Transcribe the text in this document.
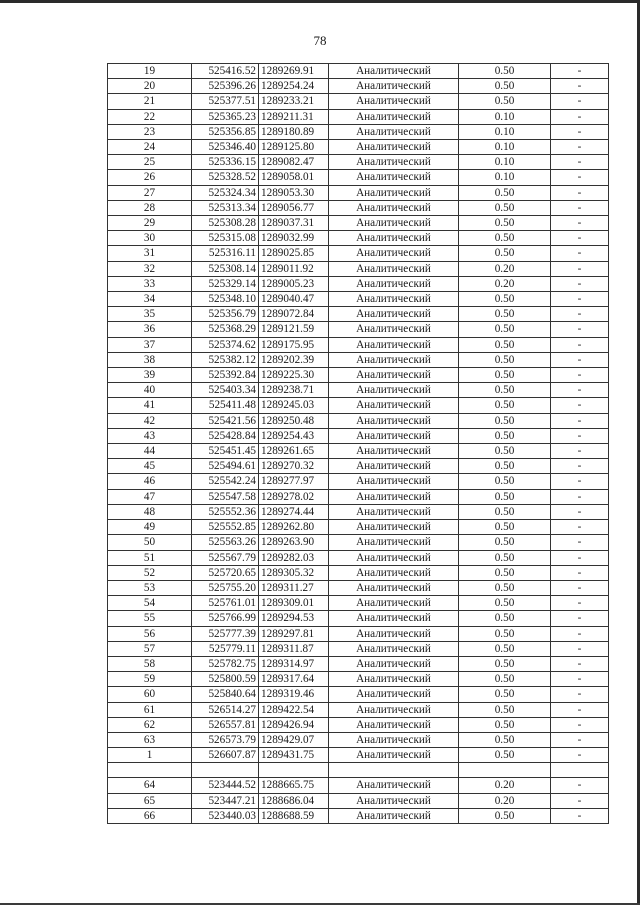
78
19	525416.52	1289269.91	Аналитический	0.50	-
20	525396.26	1289254.24	Аналитический	0.50	-
21	525377.51	1289233.21	Аналитический	0.50	-
22	525365.23	1289211.31	Аналитический	0.10	-
23	525356.85	1289180.89	Аналитический	0.10	-
24	525346.40	1289125.80	Аналитический	0.10	-
25	525336.15	1289082.47	Аналитический	0.10	-
26	525328.52	1289058.01	Аналитический	0.10	-
27	525324.34	1289053.30	Аналитический	0.50	-
28	525313.34	1289056.77	Аналитический	0.50	-
29	525308.28	1289037.31	Аналитический	0.50	-
30	525315.08	1289032.99	Аналитический	0.50	-
31	525316.11	1289025.85	Аналитический	0.50	-
32	525308.14	1289011.92	Аналитический	0.20	-
33	525329.14	1289005.23	Аналитический	0.20	-
34	525348.10	1289040.47	Аналитический	0.50	-
35	525356.79	1289072.84	Аналитический	0.50	-
36	525368.29	1289121.59	Аналитический	0.50	-
37	525374.62	1289175.95	Аналитический	0.50	-
38	525382.12	1289202.39	Аналитический	0.50	-
39	525392.84	1289225.30	Аналитический	0.50	-
40	525403.34	1289238.71	Аналитический	0.50	-
41	525411.48	1289245.03	Аналитический	0.50	-
42	525421.56	1289250.48	Аналитический	0.50	-
43	525428.84	1289254.43	Аналитический	0.50	-
44	525451.45	1289261.65	Аналитический	0.50	-
45	525494.61	1289270.32	Аналитический	0.50	-
46	525542.24	1289277.97	Аналитический	0.50	-
47	525547.58	1289278.02	Аналитический	0.50	-
48	525552.36	1289274.44	Аналитический	0.50	-
49	525552.85	1289262.80	Аналитический	0.50	-
50	525563.26	1289263.90	Аналитический	0.50	-
51	525567.79	1289282.03	Аналитический	0.50	-
52	525720.65	1289305.32	Аналитический	0.50	-
53	525755.20	1289311.27	Аналитический	0.50	-
54	525761.01	1289309.01	Аналитический	0.50	-
55	525766.99	1289294.53	Аналитический	0.50	-
56	525777.39	1289297.81	Аналитический	0.50	-
57	525779.11	1289311.87	Аналитический	0.50	-
58	525782.75	1289314.97	Аналитический	0.50	-
59	525800.59	1289317.64	Аналитический	0.50	-
60	525840.64	1289319.46	Аналитический	0.50	-
61	526514.27	1289422.54	Аналитический	0.50	-
62	526557.81	1289426.94	Аналитический	0.50	-
63	526573.79	1289429.07	Аналитический	0.50	-
1	526607.87	1289431.75	Аналитический	0.50	-

64	523444.52	1288665.75	Аналитический	0.20	-
65	523447.21	1288686.04	Аналитический	0.20	-
66	523440.03	1288688.59	Аналитический	0.50	-
